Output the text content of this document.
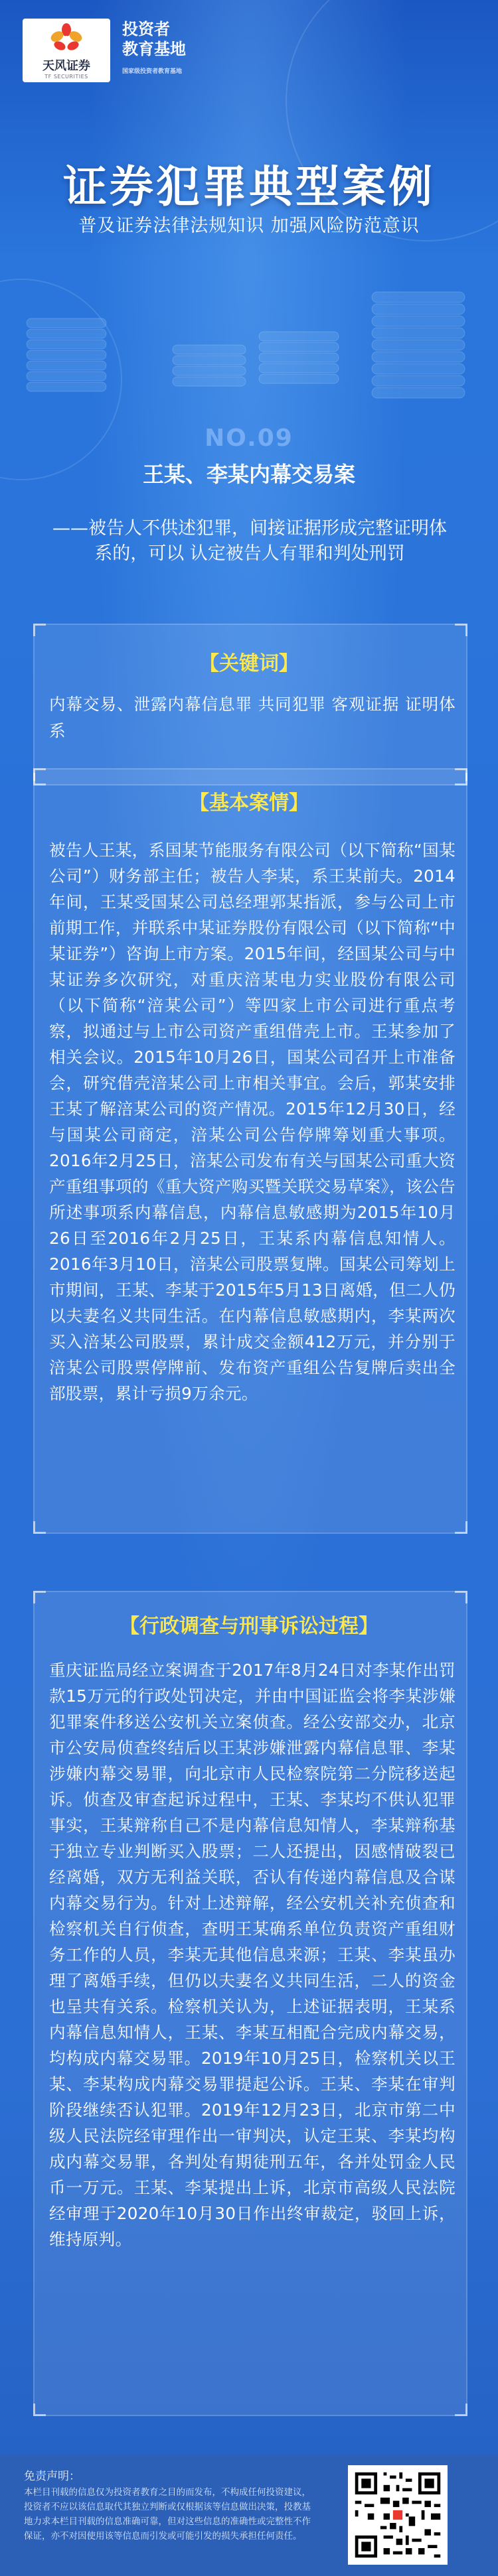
天风证券
TF SECURITIES
投资者
教育基地
国家级投资者教育基地
证券犯罪典型案例
普及证券法律法规知识 加强风险防范意识
NO.09
王某、李某内幕交易案
——被告人不供述犯罪，间接证据形成完整证明体系的，可以 认定被告人有罪和判处刑罚
【关键词】
内幕交易、泄露内幕信息罪 共同犯罪 客观证据 证明体系
【基本案情】
被告人王某，系国某节能服务有限公司（以下简称“国某公司”）财务部主任；被告人李某，系王某前夫。2014年间，王某受国某公司总经理郭某指派，参与公司上市前期工作，并联系中某证券股份有限公司（以下简称“中某证券”）咨询上市方案。2015年间，经国某公司与中某证券多次研究，对重庆涪某电力实业股份有限公司（以下简称“涪某公司”）等四家上市公司进行重点考察，拟通过与上市公司资产重组借壳上市。王某参加了相关会议。2015年10月26日，国某公司召开上市准备会，研究借壳涪某公司上市相关事宜。会后，郭某安排王某了解涪某公司的资产情况。2015年12月30日，经与国某公司商定，涪某公司公告停牌筹划重大事项。2016年2月25日，涪某公司发布有关与国某公司重大资产重组事项的《重大资产购买暨关联交易草案》，该公告所述事项系内幕信息，内幕信息敏感期为2015年10月26日至2016年2月25日，王某系内幕信息知情人。2016年3月10日，涪某公司股票复牌。国某公司筹划上市期间，王某、李某于2015年5月13日离婚，但二人仍以夫妻名义共同生活。在内幕信息敏感期内，李某两次买入涪某公司股票，累计成交金额412万元，并分别于涪某公司股票停牌前、发布资产重组公告复牌后卖出全部股票，累计亏损9万余元。
【行政调查与刑事诉讼过程】
重庆证监局经立案调查于2017年8月24日对李某作出罚款15万元的行政处罚决定，并由中国证监会将李某涉嫌犯罪案件移送公安机关立案侦查。经公安部交办，北京市公安局侦查终结后以王某涉嫌泄露内幕信息罪、李某涉嫌内幕交易罪，向北京市人民检察院第二分院移送起诉。侦查及审查起诉过程中，王某、李某均不供认犯罪事实，王某辩称自己不是内幕信息知情人，李某辩称基于独立专业判断买入股票；二人还提出，因感情破裂已经离婚，双方无利益关联，否认有传递内幕信息及合谋内幕交易行为。针对上述辩解，经公安机关补充侦查和检察机关自行侦查，查明王某确系单位负责资产重组财务工作的人员，李某无其他信息来源；王某、李某虽办理了离婚手续，但仍以夫妻名义共同生活，二人的资金也呈共有关系。检察机关认为，上述证据表明，王某系内幕信息知情人，王某、李某互相配合完成内幕交易，均构成内幕交易罪。2019年10月25日，检察机关以王某、李某构成内幕交易罪提起公诉。王某、李某在审判阶段继续否认犯罪。2019年12月23日，北京市第二中级人民法院经审理作出一审判决，认定王某、李某均构成内幕交易罪，各判处有期徒刑五年，各并处罚金人民币一万元。王某、李某提出上诉，北京市高级人民法院经审理于2020年10月30日作出终审裁定，驳回上诉，维持原判。
免责声明：
本栏目刊载的信息仅为投资者教育之目的而发布，不构成任何投资建议，投资者不应以该信息取代其独立判断或仅根据该等信息做出决策，投教基地力求本栏目刊载的信息准确可靠，但对这些信息的准确性或完整性不作保证，亦不对因使用该等信息而引发或可能引发的损失承担任何责任。
